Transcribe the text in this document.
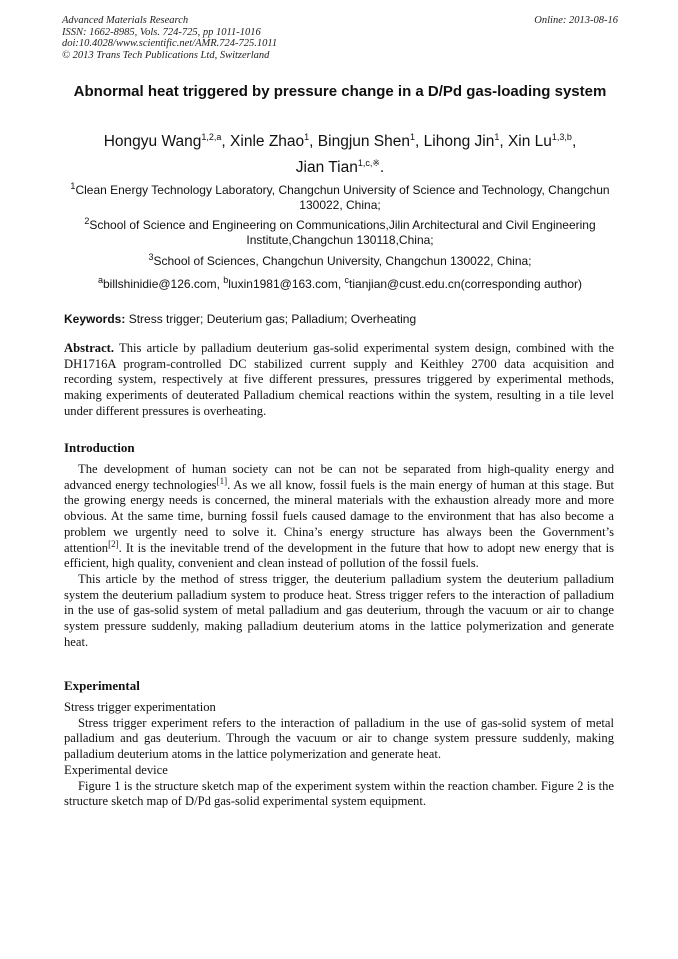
Advanced Materials Research
ISSN: 1662-8985, Vols. 724-725, pp 1011-1016
doi:10.4028/www.scientific.net/AMR.724-725.1011
© 2013 Trans Tech Publications Ltd, Switzerland
Online: 2013-08-16
Abnormal heat triggered by pressure change in a D/Pd gas-loading system
Hongyu Wang$^{1,2,a}$, Xinle Zhao$^1$, Bingjun Shen$^1$, Lihong Jin$^1$, Xin Lu$^{1,3,b}$,
Jian Tian$^{1,c,※}$.
$^1$Clean Energy Technology Laboratory, Changchun University of Science and Technology, Changchun 130022, China;
$^2$School of Science and Engineering on Communications,Jilin Architectural and Civil Engineering Institute,Changchun 130118,China;
$^3$School of Sciences, Changchun University, Changchun 130022, China;
$^a$billshinidie@126.com, $^b$luxin1981@163.com, $^c$tianjian@cust.edu.cn(corresponding author)
Keywords: Stress trigger; Deuterium gas; Palladium; Overheating
Abstract. This article by palladium deuterium gas-solid experimental system design, combined with the DH1716A program-controlled DC stabilized current supply and Keithley 2700 data acquisition and recording system, respectively at five different pressures, pressures triggered by experimental methods, making experiments of deuterated Palladium chemical reactions within the system, resulting in a tile level under different pressures is overheating.
Introduction

The development of human society can not be can not be separated from high-quality energy and advanced energy technologies[1]. As we all know, fossil fuels is the main energy of human at this stage. But the growing energy needs is concerned, the mineral materials with the exhaustion already more and more obvious. At the same time, burning fossil fuels caused damage to the environment that has also become a problem we urgently need to solve it. China’s energy structure has always been the Government’s attention[2]. It is the inevitable trend of the development in the future that how to adopt new energy that is efficient, high quality, convenient and clean instead of pollution of the fossil fuels.

This article by the method of stress trigger, the deuterium palladium system the deuterium palladium system the deuterium palladium system to produce heat. Stress trigger refers to the interaction of palladium in the use of gas-solid system of metal palladium and gas deuterium, through the vacuum or air to change system pressure suddenly, making palladium deuterium atoms in the lattice polymerization and generate heat.

Experimental

Stress trigger experimentation

Stress trigger experiment refers to the interaction of palladium in the use of gas-solid system of metal palladium and gas deuterium. Through the vacuum or air to change system pressure suddenly, making palladium deuterium atoms in the lattice polymerization and generate heat.

Experimental device

Figure 1 is the structure sketch map of the experiment system within the reaction chamber. Figure 2 is the structure sketch map of D/Pd gas-solid experimental system equipment.
